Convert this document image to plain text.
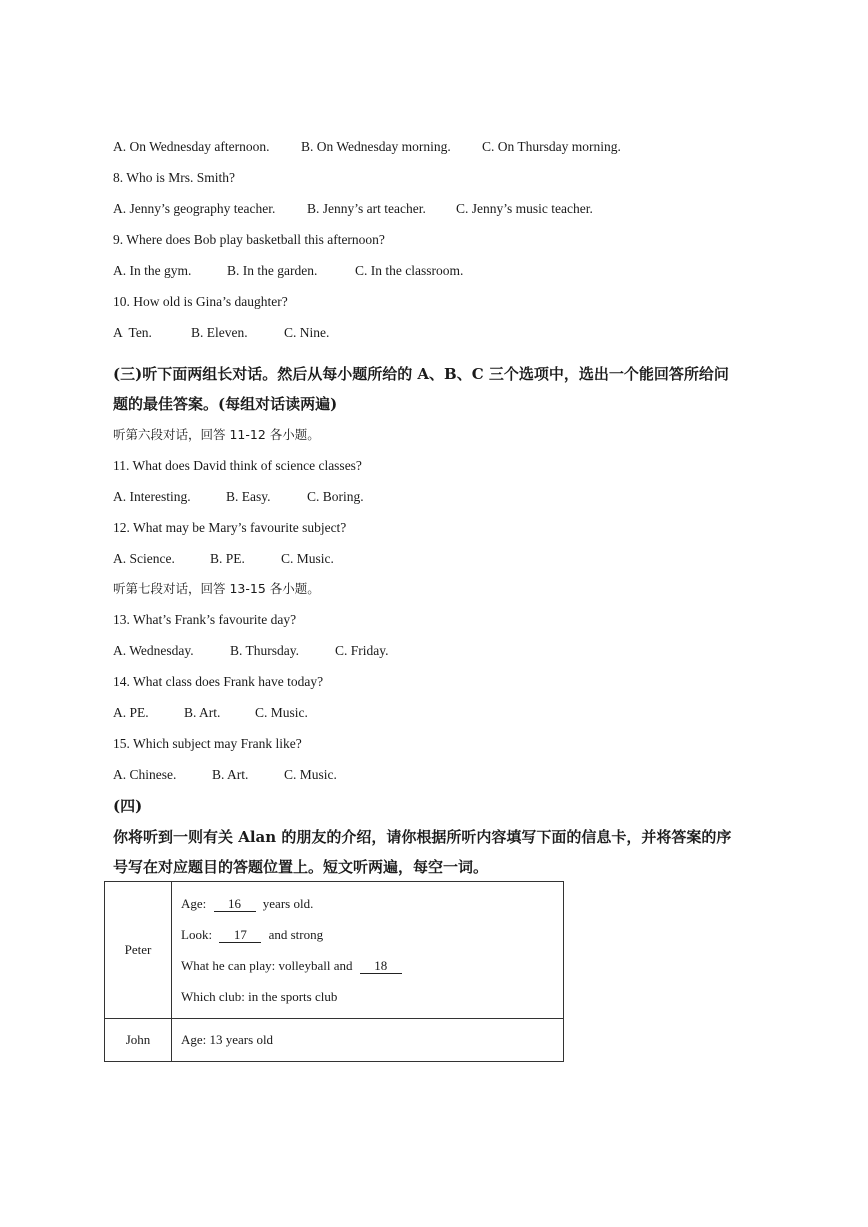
A. On Wednesday afternoon. B. On Wednesday morning. C. On Thursday morning.
8. Who is Mrs. Smith?
A. Jenny’s geography teacher. B. Jenny’s art teacher. C. Jenny’s music teacher.
9. Where does Bob play basketball this afternoon?
A. In the gym.	B. In the garden.	C. In the classroom.
10. How old is Gina’s daughter?
A  Ten.	B. Eleven.	C. Nine.
(三)听下面两组长对话。然后从每小题所给的 A、B、C 三个选项中，选出一个能回答所给问
题的最佳答案。(每组对话读两遍)
听第六段对话，回答 11-12 各小题。
11. What does David think of science classes?
A. Interesting.	B. Easy.	C. Boring.
12. What may be Mary’s favourite subject?
A. Science.	B. PE.	C. Music.
听第七段对话，回答 13-15 各小题。
13. What’s Frank’s favourite day?
A. Wednesday.	B. Thursday.	C. Friday.
14. What class does Frank have today?
A. PE.	B. Art.	C. Music.
15. Which subject may Frank like?
A. Chinese.	B. Art.	C. Music.
(四)
你将听到一则有关 Alan 的朋友的介绍，请你根据所听内容填写下面的信息卡，并将答案的序
号写在对应题目的答题位置上。短文听两遍，每空一词。
Peter	Age: 16 years old.
Look: 17 and strong
What he can play: volleyball and 18
Which club: in the sports club

John	Age: 13 years old
